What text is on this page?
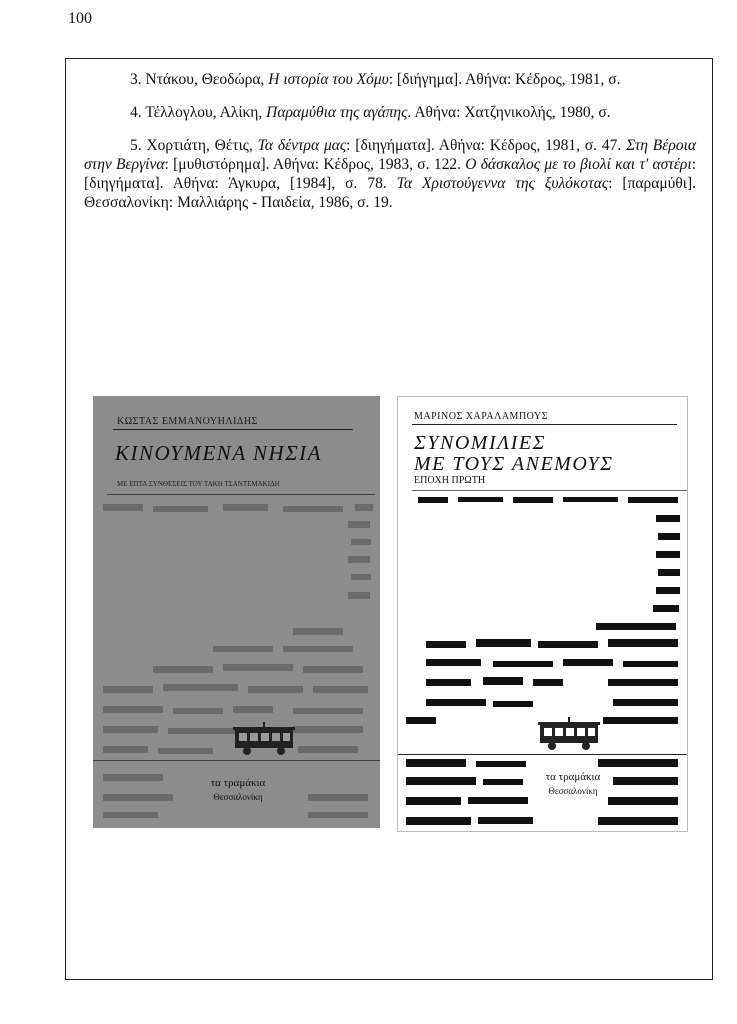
100

3. Ντάκου, Θεοδώρα, Η ιστορία του Χόμυ: [διήγημα]. Αθήνα: Κέδρος, 1981, σ.

4. Τέλλογλου, Αλίκη, Παραμύθια της αγάπης. Αθήνα: Χατζηνικολής, 1980, σ.

5. Χορτιάτη, Θέτις, Τα δέντρα μας: [διηγήματα]. Αθήνα: Κέδρος, 1981, σ. 47. Στη Βέροια στην Βεργίνα: [μυθιστόρημα]. Αθήνα: Κέδρος, 1983, σ. 122. Ο δάσκαλος με το βιολί και τ' αστέρι: [διηγήματα]. Αθήνα: Άγκυρα, [1984], σ. 78. Τα Χριστούγεννα της ξυλόκοτας: [παραμύθι]. Θεσσαλονίκη: Μαλλιάρης - Παιδεία, 1986, σ. 19.

ΚΩΣΤΑΣ ΕΜΜΑΝΟΥΗΛΙΔΗΣ
ΚΙΝΟΥΜΕΝΑ ΝΗΣΙΑ
ΜΕ ΕΠΤΑ ΣΥΝΘΕΣΕΙΣ ΤΟΥ ΤΑΚΗ ΤΣΑΝΤΕΜΑΚΙΔΗ
τα τραμάκια
Θεσσαλονίκη
ΜΑΡΙΝΟΣ ΧΑΡΑΛΑΜΠΟΥΣ
ΣΥΝΟΜΙΛΙΕΣ
ΜΕ ΤΟΥΣ ΑΝΕΜΟΥΣ
ΕΠΟΧΗ ΠΡΩΤΗ
τα τραμάκια
Θεσσαλονίκη
